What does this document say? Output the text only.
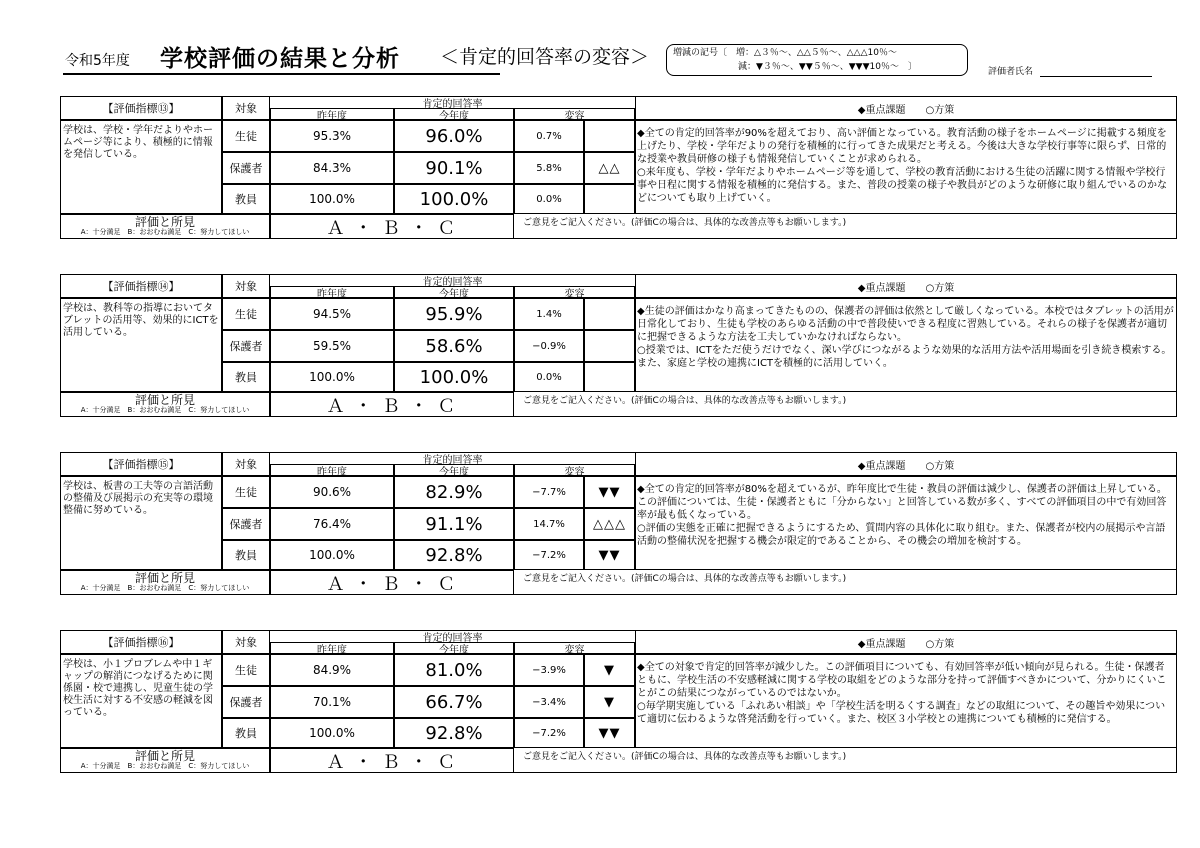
令和5年度 学校評価の結果と分析 ＜肯定的回答率の変容＞	増減の記号〔　増：△３％～、△△５％～、△△△10％～
減：▼３％～、▼▼５％～、▼▼▼10％～　〕	評価者氏名
【評価指標⑬】	対象	肯定的回答率
昨年度	今年度	変容
学校は、学校・学年だよりやホームページ等により、積極的に情報を発信している。
生徒	95.3%	96.0%	0.7%
保護者	84.3%	90.1%	5.8%	△△
教員	100.0%	100.0%	0.0%
◆重点課題　　○方策
◆全ての肯定的回答率が90%を超えており、高い評価となっている。教育活動の様子をホームページに掲載する頻度を上げたり、学校・学年だよりの発行を積極的に行ってきた成果だと考える。今後は大きな学校行事等に限らず、日常的な授業や教員研修の様子も情報発信していくことが求められる。
○来年度も、学校・学年だよりやホームページ等を通して、学校の教育活動における生徒の活躍に関する情報や学校行事や日程に関する情報を積極的に発信する。また、普段の授業の様子や教員がどのような研修に取り組んでいるのかなどについても取り上げていく。
評価と所見
A：十分満足　B：おおむね満足　C：努力してほしい	Ａ ・ Ｂ ・ Ｃ	ご意見をご記入ください。(評価Cの場合は、具体的な改善点等もお願いします。)
【評価指標⑭】	対象	肯定的回答率
昨年度	今年度	変容
学校は、教科等の指導においてタブレットの活用等、効果的にICTを活用している。
生徒	94.5%	95.9%	1.4%
保護者	59.5%	58.6%	−0.9%
教員	100.0%	100.0%	0.0%
◆重点課題　　○方策
◆生徒の評価はかなり高まってきたものの、保護者の評価は依然として厳しくなっている。本校ではタブレットの活用が日常化しており、生徒も学校のあらゆる活動の中で普段使いできる程度に習熟している。それらの様子を保護者が適切に把握できるような方法を工夫していかなければならない。
○授業では、ICTをただ使うだけでなく、深い学びにつながるような効果的な活用方法や活用場面を引き続き模索する。また、家庭と学校の連携にICTを積極的に活用していく。
評価と所見
A：十分満足　B：おおむね満足　C：努力してほしい	Ａ ・ Ｂ ・ Ｃ	ご意見をご記入ください。(評価Cの場合は、具体的な改善点等もお願いします。)
【評価指標⑮】	対象	肯定的回答率
昨年度	今年度	変容
学校は、板書の工夫等の言語活動の整備及び展掲示の充実等の環境整備に努めている。
生徒	90.6%	82.9%	−7.7%	▼▼
保護者	76.4%	91.1%	14.7%	△△△
教員	100.0%	92.8%	−7.2%	▼▼
◆重点課題　　○方策
◆全ての肯定的回答率が80%を超えているが、昨年度比で生徒・教員の評価は減少し、保護者の評価は上昇している。この評価については、生徒・保護者ともに「分からない」と回答している数が多く、すべての評価項目の中で有効回答率が最も低くなっている。
○評価の実態を正確に把握できるようにするため、質問内容の具体化に取り組む。また、保護者が校内の展掲示や言語活動の整備状況を把握する機会が限定的であることから、その機会の増加を検討する。
評価と所見
A：十分満足　B：おおむね満足　C：努力してほしい	Ａ ・ Ｂ ・ Ｃ	ご意見をご記入ください。(評価Cの場合は、具体的な改善点等もお願いします。)
【評価指標⑯】	対象	肯定的回答率
昨年度	今年度	変容
学校は、小１プロブレムや中１ギャップの解消につなげるために関係園・校で連携し、児童生徒の学校生活に対する不安感の軽減を図っている。
生徒	84.9%	81.0%	−3.9%	▼
保護者	70.1%	66.7%	−3.4%	▼
教員	100.0%	92.8%	−7.2%	▼▼
◆重点課題　　○方策
◆全ての対象で肯定的回答率が減少した。この評価項目についても、有効回答率が低い傾向が見られる。生徒・保護者ともに、学校生活の不安感軽減に関する学校の取組をどのような部分を持って評価すべきかについて、分かりにくいことがこの結果につながっているのではないか。
○毎学期実施している「ふれあい相談」や「学校生活を明るくする調査」などの取組について、その趣旨や効果について適切に伝わるような啓発活動を行っていく。また、校区３小学校との連携についても積極的に発信する。
評価と所見
A：十分満足　B：おおむね満足　C：努力してほしい	Ａ ・ Ｂ ・ Ｃ	ご意見をご記入ください。(評価Cの場合は、具体的な改善点等もお願いします。)
